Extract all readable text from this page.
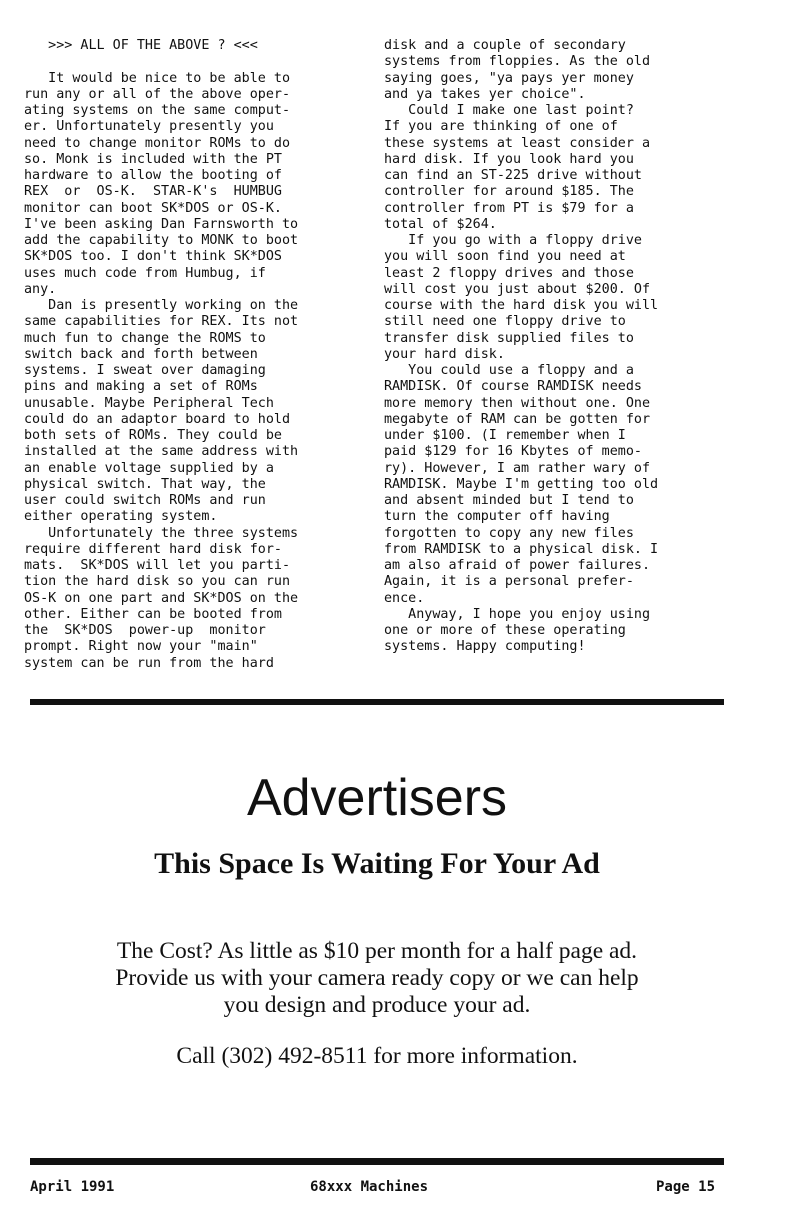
>>> ALL OF THE ABOVE ? <<<
It would be nice to be able to
run any or all of the above oper-
ating systems on the same comput-
er. Unfortunately presently you
need to change monitor ROMs to do
so. Monk is included with the PT
hardware to allow the booting of
REX  or  OS-K.  STAR-K's  HUMBUG
monitor can boot SK*DOS or OS-K.
I've been asking Dan Farnsworth to
add the capability to MONK to boot
SK*DOS too. I don't think SK*DOS
uses much code from Humbug, if
any.
Dan is presently working on the
same capabilities for REX. Its not
much fun to change the ROMS to
switch back and forth between
systems. I sweat over damaging
pins and making a set of ROMs
unusable. Maybe Peripheral Tech
could do an adaptor board to hold
both sets of ROMs. They could be
installed at the same address with
an enable voltage supplied by a
physical switch. That way, the
user could switch ROMs and run
either operating system.
Unfortunately the three systems
require different hard disk for-
mats.  SK*DOS will let you parti-
tion the hard disk so you can run
OS-K on one part and SK*DOS on the
other. Either can be booted from
the  SK*DOS  power-up  monitor
prompt. Right now your "main"
system can be run from the hard
disk and a couple of secondary
systems from floppies. As the old
saying goes, "ya pays yer money
and ya takes yer choice".
Could I make one last point?
If you are thinking of one of
these systems at least consider a
hard disk. If you look hard you
can find an ST-225 drive without
controller for around $185. The
controller from PT is $79 for a
total of $264.
If you go with a floppy drive
you will soon find you need at
least 2 floppy drives and those
will cost you just about $200. Of
course with the hard disk you will
still need one floppy drive to
transfer disk supplied files to
your hard disk.
You could use a floppy and a
RAMDISK. Of course RAMDISK needs
more memory then without one. One
megabyte of RAM can be gotten for
under $100. (I remember when I
paid $129 for 16 Kbytes of memo-
ry). However, I am rather wary of
RAMDISK. Maybe I'm getting too old
and absent minded but I tend to
turn the computer off having
forgotten to copy any new files
from RAMDISK to a physical disk. I
am also afraid of power failures.
Again, it is a personal prefer-
ence.
Anyway, I hope you enjoy using
one or more of these operating
systems. Happy computing!
Advertisers
This Space Is Waiting For Your Ad
The Cost? As little as $10 per month for a half page ad.
Provide us with your camera ready copy or we can help
you design and produce your ad.
Call (302) 492-8511 for more information.
April 1991	68xxx Machines	Page 15
